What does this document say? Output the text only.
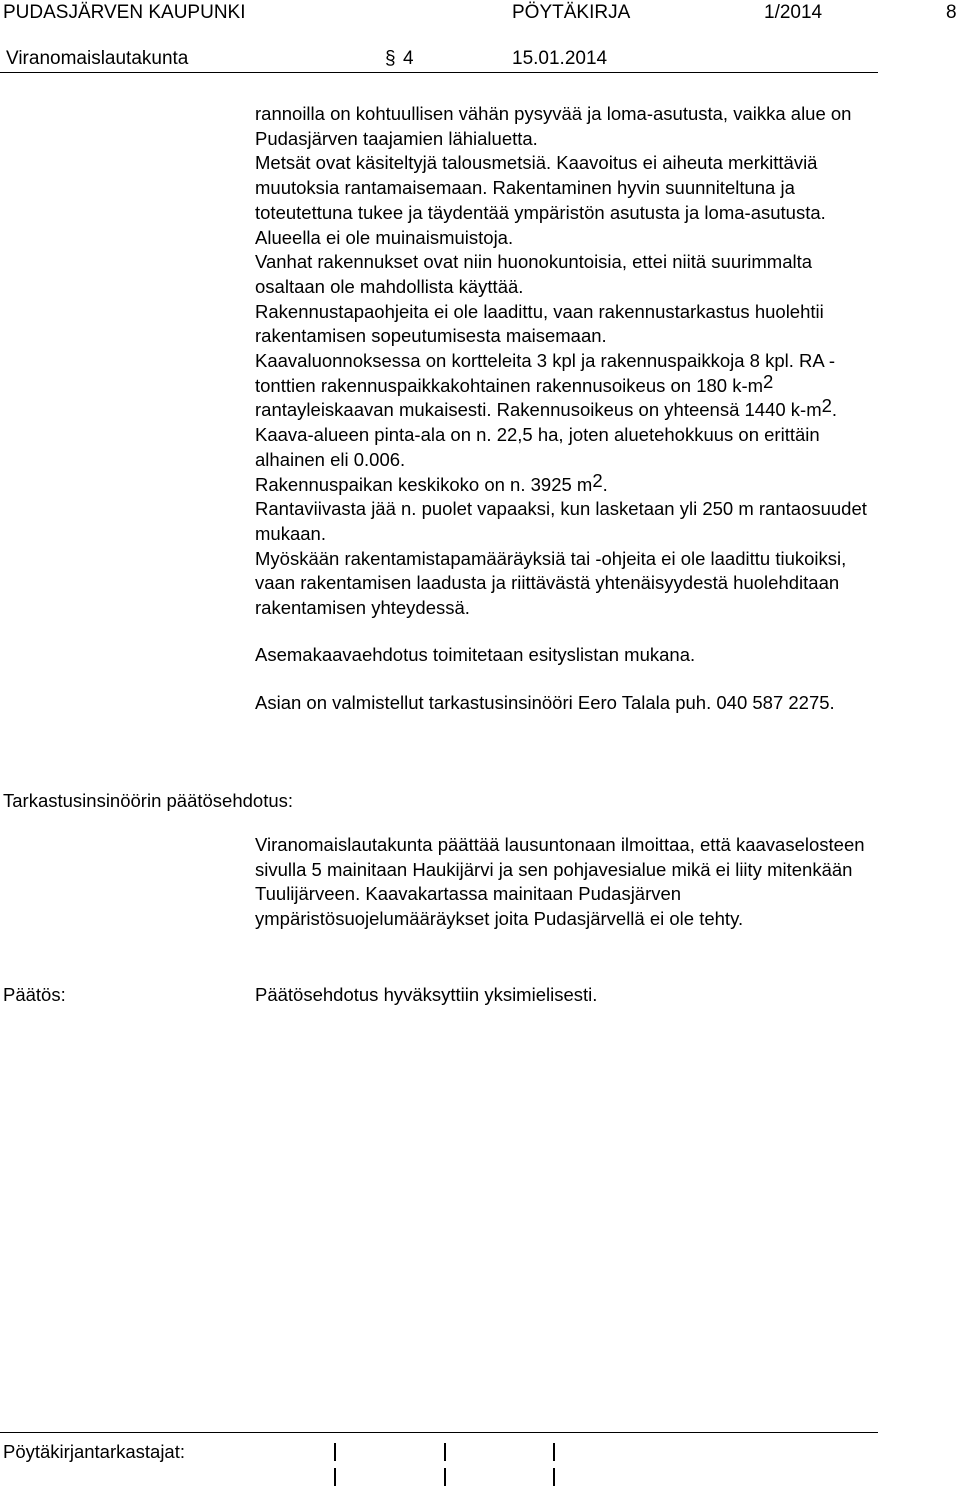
PUDASJÄRVEN KAUPUNKI	PÖYTÄKIRJA	1/2014	8
Viranomaislautakunta	§ 4	15.01.2014

rannoilla on kohtuullisen vähän pysyvää ja loma-asutusta, vaikka alue on Pudasjärven taajamien lähialuetta.

Metsät ovat käsiteltyjä talousmetsiä. Kaavoitus ei aiheuta merkittäviä muutoksia rantamaisemaan. Rakentaminen hyvin suunniteltuna ja toteutettuna tukee ja täydentää ympäristön asutusta ja loma-asutusta. Alueella ei ole muinaismuistoja.

Vanhat rakennukset ovat niin huonokuntoisia, ettei niitä suurimmalta osaltaan ole mahdollista käyttää.

Rakennustapaohjeita ei ole laadittu, vaan rakennustarkastus huolehtii rakentamisen sopeutumisesta maisemaan.

Kaavaluonnoksessa on kortteleita 3 kpl ja rakennuspaikkoja 8 kpl. RA -tonttien rakennuspaikkakohtainen rakennusoikeus on 180 $k-m^2$ rantayleiskaavan mukaisesti. Rakennusoikeus on yhteensä 1440 $k-m^2$. Kaava-alueen pinta-ala on n. 22,5 ha, joten aluetehokkuus on erittäin alhainen eli 0.006.

Rakennuspaikan keskikoko on n. 3925 $m^2$.

Rantaviivasta jää n. puolet vapaaksi, kun lasketaan yli 250 m rantaosuudet mukaan.

Myöskään rakentamistapamääräyksiä tai -ohjeita ei ole laadittu tiukoiksi, vaan rakentamisen laadusta ja riittävästä yhtenäisyydestä huolehditaan rakentamisen yhteydessä.

Asemakaavaehdotus toimitetaan esityslistan mukana.

Asian on valmistellut tarkastusinsinööri Eero Talala puh. 040 587 2275.

Tarkastusinsinöörin päätösehdotus:

Viranomaislautakunta päättää lausuntonaan ilmoittaa, että kaavaselosteen sivulla 5 mainitaan Haukijärvi ja sen pohjavesialue mikä ei liity mitenkään Tuulijärveen. Kaavakartassa mainitaan Pudasjärven ympäristösuojelumääräykset joita Pudasjärvellä ei ole tehty.

Päätös:	Päätösehdotus hyväksyttiin yksimielisesti.

Pöytäkirjantarkastajat:
